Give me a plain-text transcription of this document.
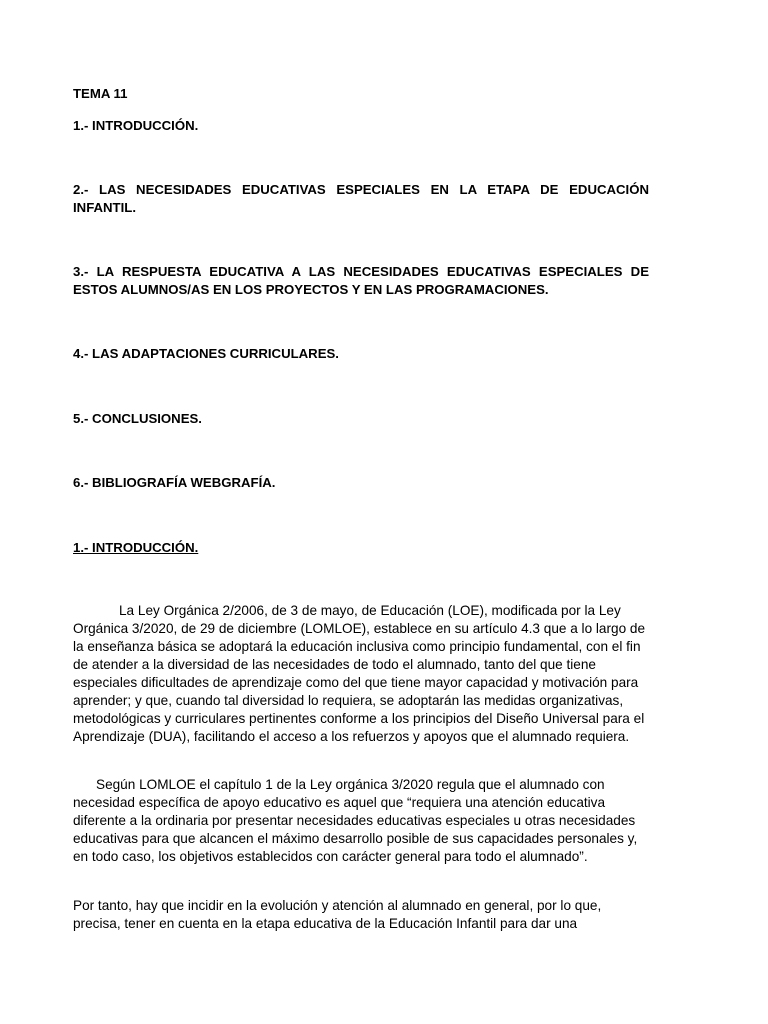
TEMA 11

1.- INTRODUCCIÓN.

2.- LAS NECESIDADES EDUCATIVAS ESPECIALES EN LA ETAPA DE EDUCACIÓN INFANTIL.

3.- LA RESPUESTA EDUCATIVA A LAS NECESIDADES EDUCATIVAS ESPECIALES DE ESTOS ALUMNOS/AS EN LOS PROYECTOS Y EN LAS PROGRAMACIONES.

4.- LAS ADAPTACIONES CURRICULARES.

5.- CONCLUSIONES.

6.- BIBLIOGRAFÍA WEBGRAFÍA.

1.- INTRODUCCIÓN.

La Ley Orgánica 2/2006, de 3 de mayo, de Educación (LOE), modificada por la Ley Orgánica 3/2020, de 29 de diciembre (LOMLOE), establece en su artículo 4.3 que a lo largo de la enseñanza básica se adoptará la educación inclusiva como principio fundamental, con el fin de atender a la diversidad de las necesidades de todo el alumnado, tanto del que tiene especiales dificultades de aprendizaje como del que tiene mayor capacidad y motivación para aprender; y que, cuando tal diversidad lo requiera, se adoptarán las medidas organizativas, metodológicas y curriculares pertinentes conforme a los principios del Diseño Universal para el Aprendizaje (DUA), facilitando el acceso a los refuerzos y apoyos que el alumnado requiera.

Según LOMLOE el capítulo 1 de la Ley orgánica 3/2020 regula que el alumnado con necesidad específica de apoyo educativo es aquel que “requiera una atención educativa diferente a la ordinaria por presentar necesidades educativas especiales u otras necesidades educativas para que alcancen el máximo desarrollo posible de sus capacidades personales y, en todo caso, los objetivos establecidos con carácter general para todo el alumnado”.

Por tanto, hay que incidir en la evolución y atención al alumnado en general, por lo que, precisa, tener en cuenta en la etapa educativa de la Educación Infantil para dar una
